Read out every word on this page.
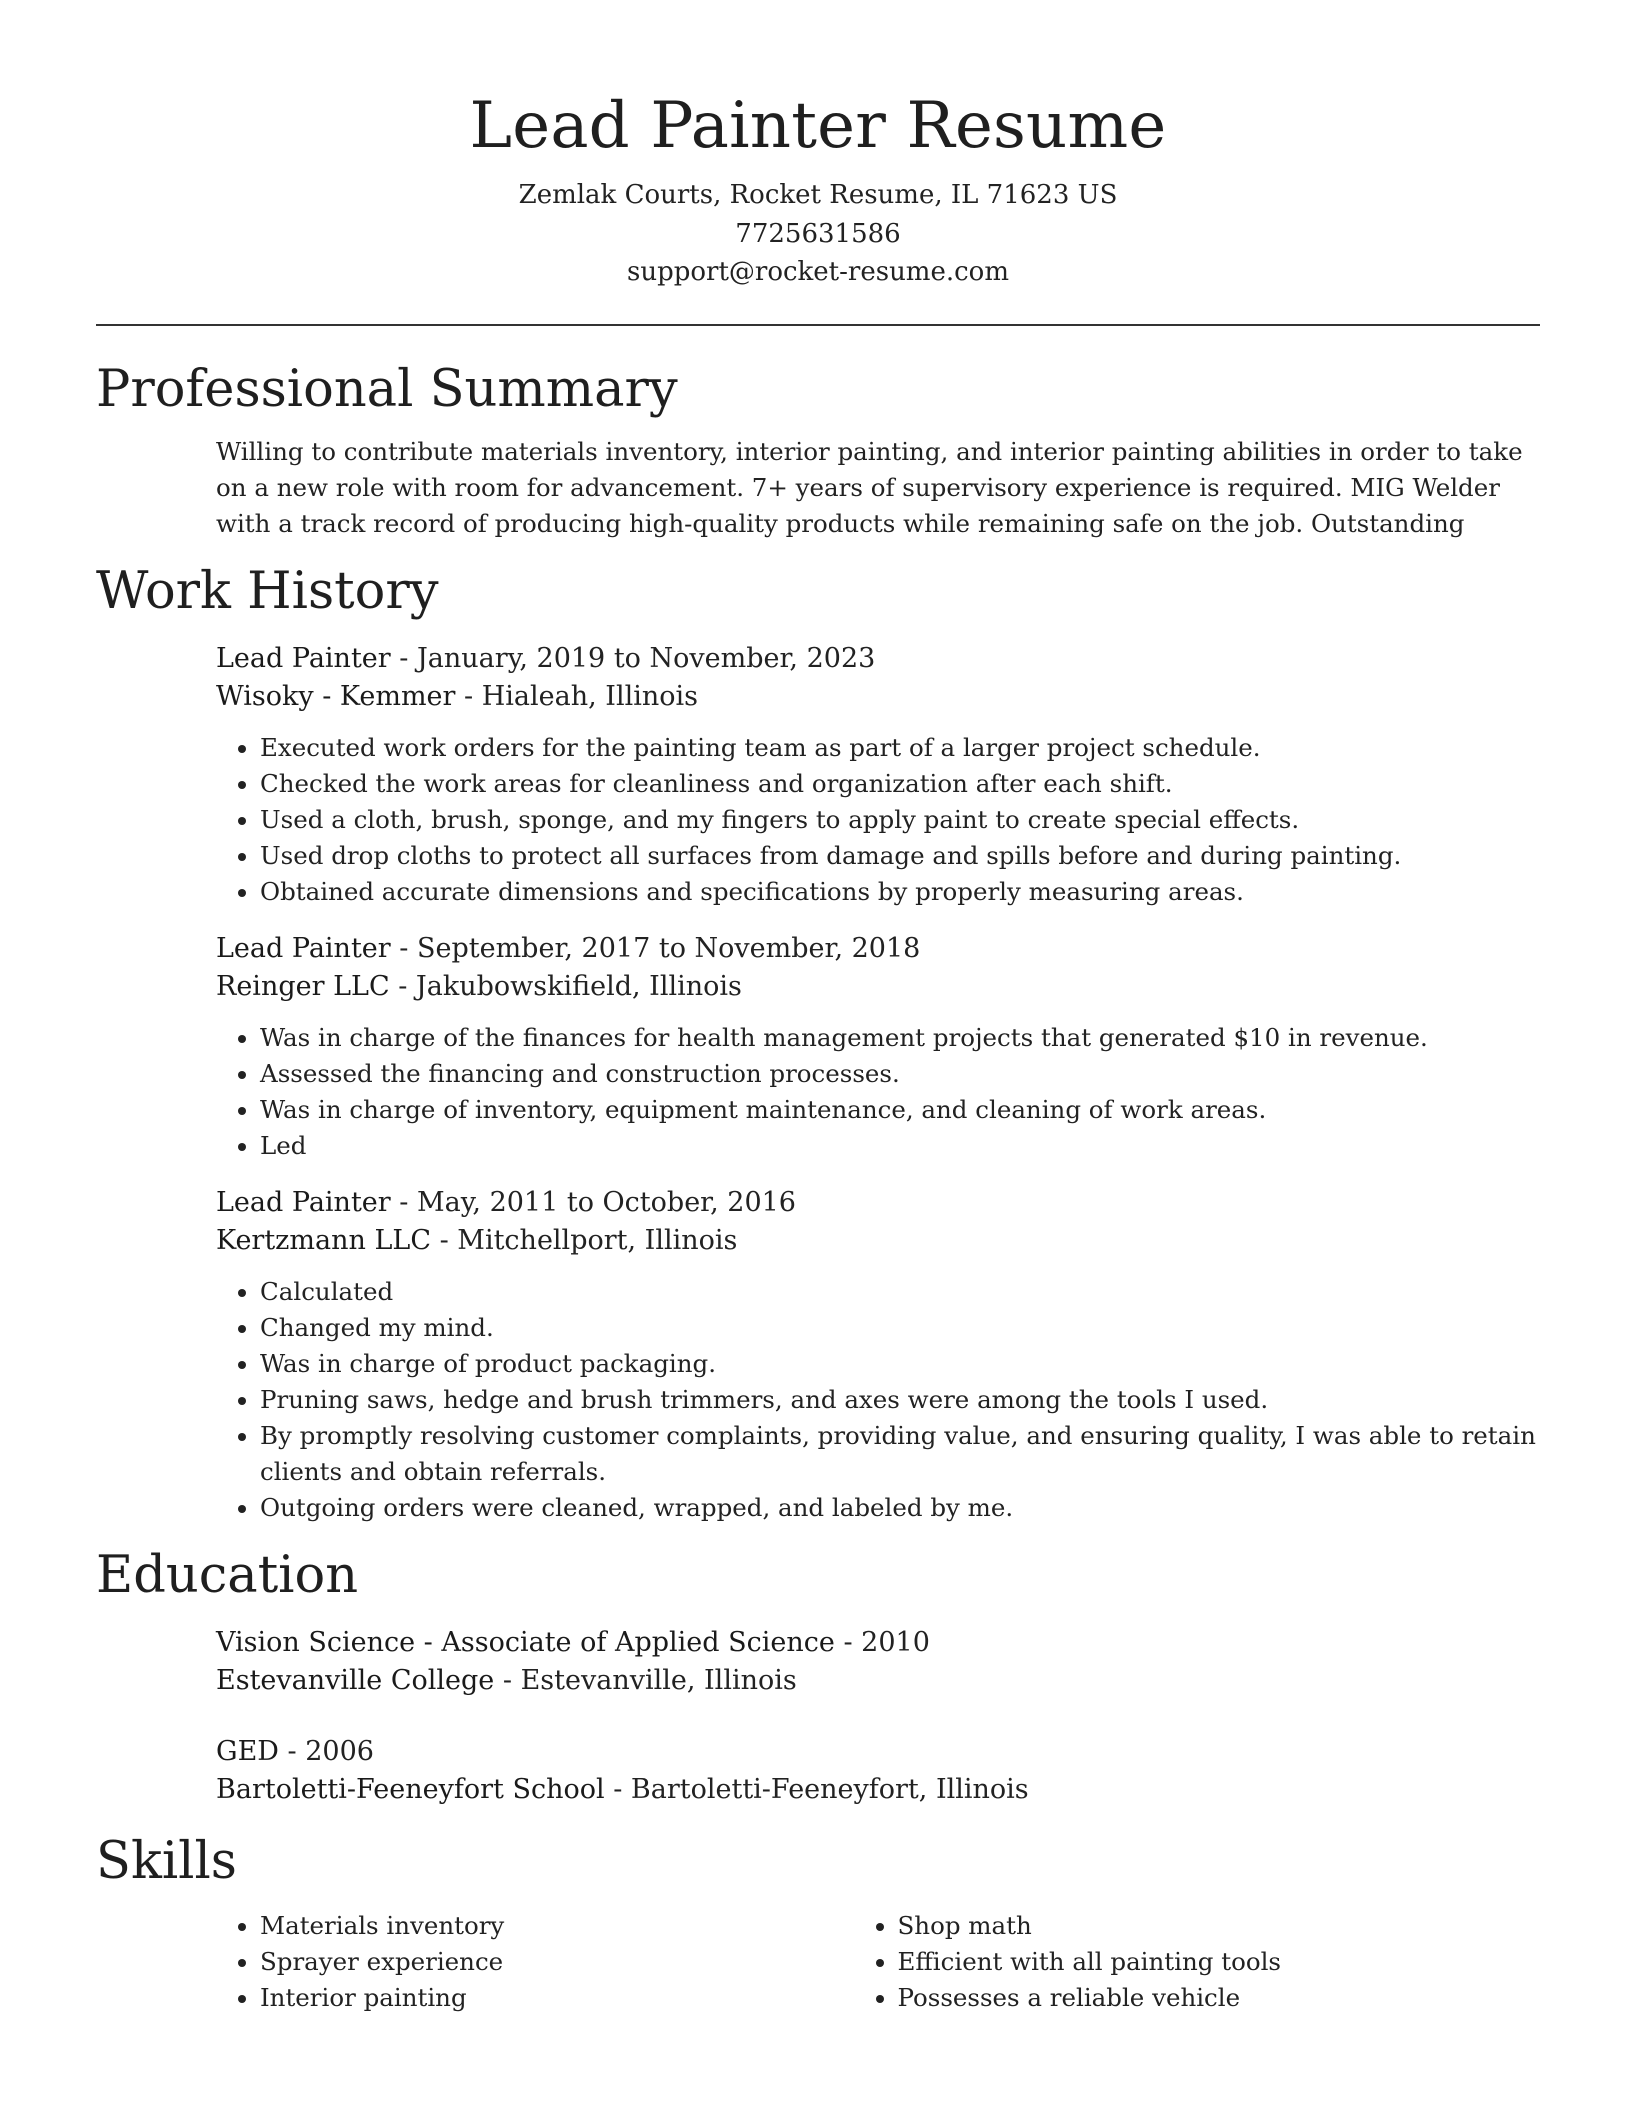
Lead Painter Resume
Zemlak Courts, Rocket Resume, IL 71623 US
7725631586
support@rocket-resume.com
Professional Summary
Willing to contribute materials inventory, interior painting, and interior painting abilities in order to take on a new role with room for advancement. 7+ years of supervisory experience is required. MIG Welder with a track record of producing high-quality products while remaining safe on the job. Outstanding
Work History
Lead Painter - January, 2019 to November, 2023
Wisoky - Kemmer - Hialeah, Illinois
• Executed work orders for the painting team as part of a larger project schedule.
• Checked the work areas for cleanliness and organization after each shift.
• Used a cloth, brush, sponge, and my fingers to apply paint to create special effects.
• Used drop cloths to protect all surfaces from damage and spills before and during painting.
• Obtained accurate dimensions and specifications by properly measuring areas.
Lead Painter - September, 2017 to November, 2018
Reinger LLC - Jakubowskifield, Illinois
• Was in charge of the finances for health management projects that generated $10 in revenue.
• Assessed the financing and construction processes.
• Was in charge of inventory, equipment maintenance, and cleaning of work areas.
• Led
Lead Painter - May, 2011 to October, 2016
Kertzmann LLC - Mitchellport, Illinois
• Calculated
• Changed my mind.
• Was in charge of product packaging.
• Pruning saws, hedge and brush trimmers, and axes were among the tools I used.
• By promptly resolving customer complaints, providing value, and ensuring quality, I was able to retain clients and obtain referrals.
• Outgoing orders were cleaned, wrapped, and labeled by me.
Education
Vision Science - Associate of Applied Science - 2010
Estevanville College - Estevanville, Illinois
GED - 2006
Bartoletti-Feeneyfort School - Bartoletti-Feeneyfort, Illinois
Skills
• Materials inventory
• Sprayer experience
• Interior painting
• Shop math
• Efficient with all painting tools
• Possesses a reliable vehicle
